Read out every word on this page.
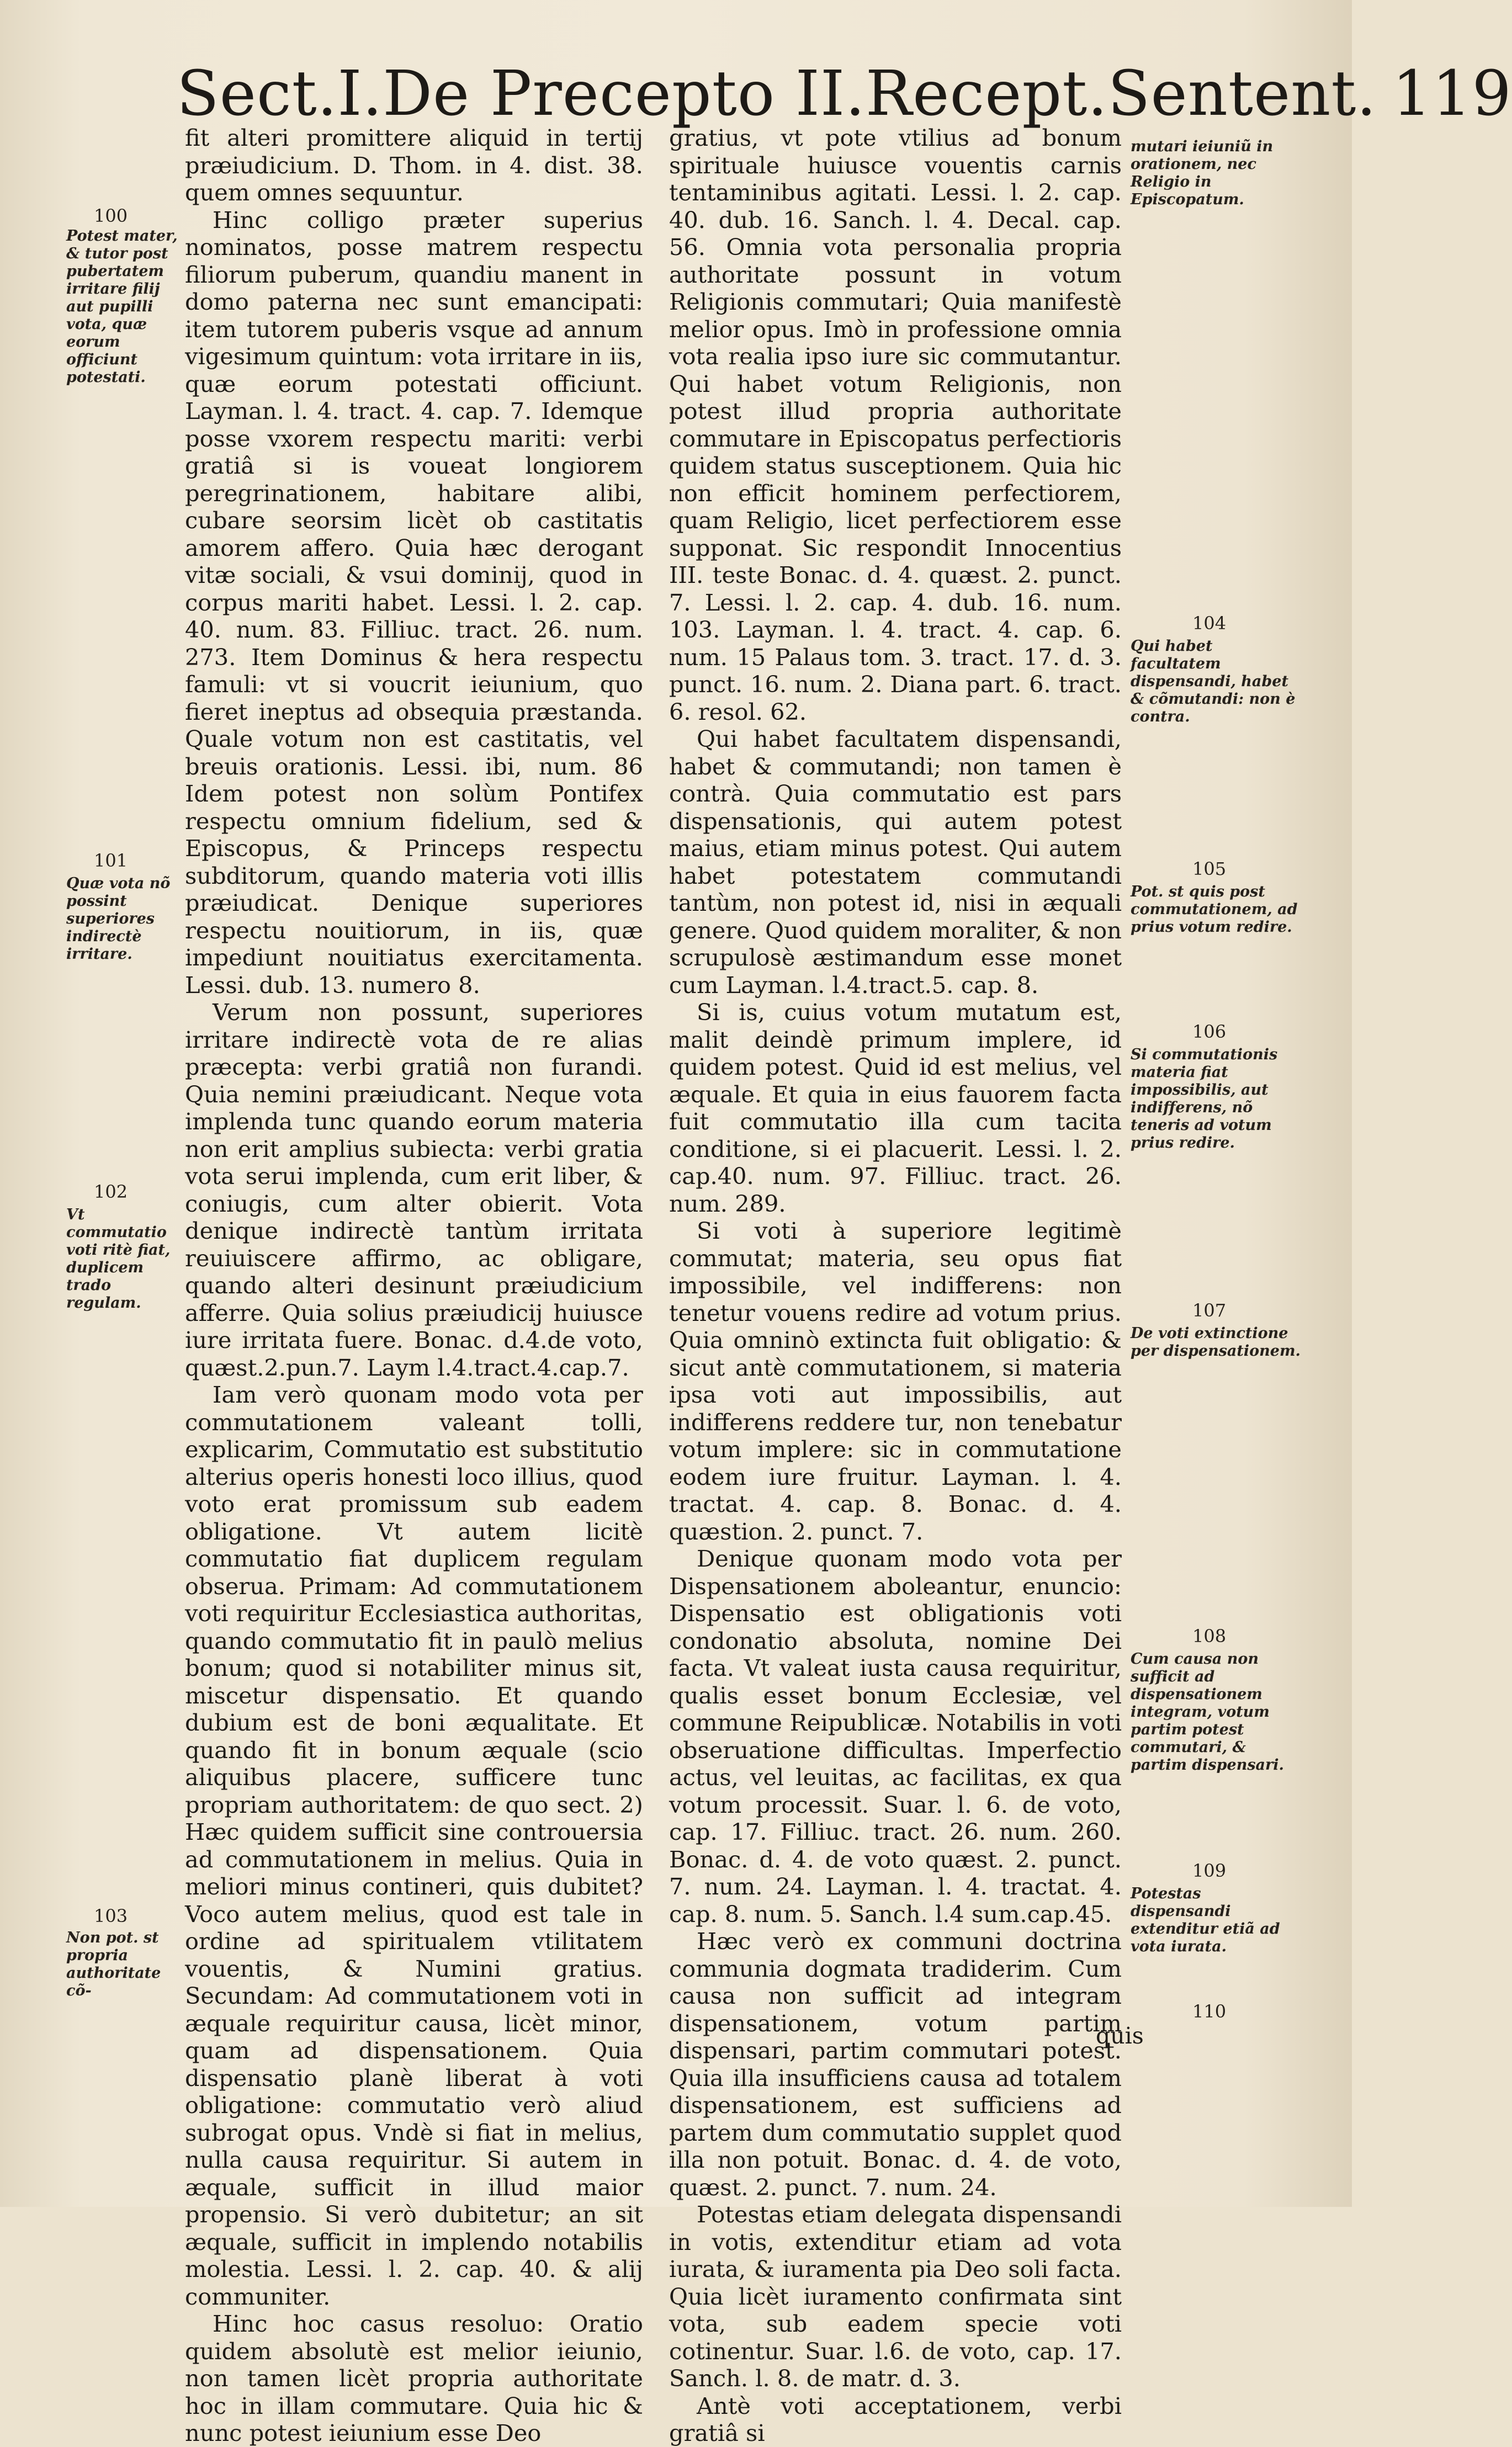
Sect.I.De Precepto II.Recept.Sentent. 119

fit alteri promittere aliquid in tertij præiudicium. D. Thom. in 4. dist. 38. quem omnes sequuntur.

Hinc colligo præter superius nominatos, posse matrem respectu filiorum puberum, quandiu manent in domo paterna nec sunt emancipati: item tutorem puberis vsque ad annum vigesimum quintum: vota irritare in iis, quæ eorum potestati officiunt. Layman. l. 4. tract. 4. cap. 7. Idemque posse vxorem respectu mariti: verbi gratiâ si is voueat longiorem peregrinationem, habitare alibi, cubare seorsim licèt ob castitatis amorem affero. Quia hæc derogant vitæ sociali, & vsui dominij, quod in corpus mariti habet. Lessi. l. 2. cap. 40. num. 83. Filliuc. tract. 26. num. 273. Item Dominus & hera respectu famuli: vt si voucrit ieiunium, quo fieret ineptus ad obsequia præstanda. Quale votum non est castitatis, vel breuis orationis. Lessi. ibi, num. 86 Idem potest non solùm Pontifex respectu omnium fidelium, sed & Episcopus, & Princeps respectu subditorum, quando materia voti illis præiudicat. Denique superiores respectu nouitiorum, in iis, quæ impediunt nouitiatus exercitamenta. Lessi. dub. 13. numero 8.

Verum non possunt, superiores irritare indirectè vota de re alias præcepta: verbi gratiâ non furandi. Quia nemini præiudicant. Neque vota implenda tunc quando eorum materia non erit amplius subiecta: verbi gratia vota serui implenda, cum erit liber, & coniugis, cum alter obierit. Vota denique indirectè tantùm irritata reuiuiscere affirmo, ac obligare, quando alteri desinunt præiudicium afferre. Quia solius præiudicij huiusce iure irritata fuere. Bonac. d.4.de voto, quæst.2.pun.7. Laym l.4.tract.4.cap.7.

Iam verò quonam modo vota per commutationem valeant tolli, explicarim, Commutatio est substitutio alterius operis honesti loco illius, quod voto erat promissum sub eadem obligatione. Vt autem licitè commutatio fiat duplicem regulam obserua. Primam: Ad commutationem voti requiritur Ecclesiastica authoritas, quando commutatio fit in paulò melius bonum; quod si notabiliter minus sit, miscetur dispensatio. Et quando dubium est de boni æqualitate. Et quando fit in bonum æquale (scio aliquibus placere, sufficere tunc propriam authoritatem: de quo sect. 2) Hæc quidem sufficit sine controuersia ad commutationem in melius. Quia in meliori minus contineri, quis dubitet? Voco autem melius, quod est tale in ordine ad spiritualem vtilitatem vouentis, & Numini gratius. Secundam: Ad commutationem voti in æquale requiritur causa, licèt minor, quam ad dispensationem. Quia dispensatio planè liberat à voti obligatione: commutatio verò aliud subrogat opus. Vndè si fiat in melius, nulla causa requiritur. Si autem in æquale, sufficit in illud maior propensio. Si verò dubitetur; an sit æquale, sufficit in implendo notabilis molestia. Lessi. l. 2. cap. 40. & alij communiter.

Hinc hoc casus resoluo: Oratio quidem absolutè est melior ieiunio, non tamen licèt propria authoritate hoc in illam commutare. Quia hic & nunc potest ieiunium esse Deo

gratius, vt pote vtilius ad bonum spirituale huiusce vouentis carnis tentaminibus agitati. Lessi. l. 2. cap. 40. dub. 16. Sanch. l. 4. Decal. cap. 56. Omnia vota personalia propria authoritate possunt in votum Religionis commutari; Quia manifestè melior opus. Imò in professione omnia vota realia ipso iure sic commutantur. Qui habet votum Religionis, non potest illud propria authoritate commutare in Episcopatus perfectioris quidem status susceptionem. Quia hic non efficit hominem perfectiorem, quam Religio, licet perfectiorem esse supponat. Sic respondit Innocentius III. teste Bonac. d. 4. quæst. 2. punct. 7. Lessi. l. 2. cap. 4. dub. 16. num. 103. Layman. l. 4. tract. 4. cap. 6. num. 15 Palaus tom. 3. tract. 17. d. 3. punct. 16. num. 2. Diana part. 6. tract. 6. resol. 62.

Qui habet facultatem dispensandi, habet & commutandi; non tamen è contrà. Quia commutatio est pars dispensationis, qui autem potest maius, etiam minus potest. Qui autem habet potestatem commutandi tantùm, non potest id, nisi in æquali genere. Quod quidem moraliter, & non scrupulosè æstimandum esse monet cum Layman. l.4.tract.5. cap. 8.

Si is, cuius votum mutatum est, malit deindè primum implere, id quidem potest. Quid id est melius, vel æquale. Et quia in eius fauorem facta fuit commutatio illa cum tacita conditione, si ei placuerit. Lessi. l. 2. cap.40. num. 97. Filliuc. tract. 26. num. 289.

Si voti à superiore legitimè commutat; materia, seu opus fiat impossibile, vel indifferens: non tenetur vouens redire ad votum prius. Quia omninò extincta fuit obligatio: & sicut antè commutationem, si materia ipsa voti aut impossibilis, aut indifferens reddere tur, non tenebatur votum implere: sic in commutatione eodem iure fruitur. Layman. l. 4. tractat. 4. cap. 8. Bonac. d. 4. quæstion. 2. punct. 7.

Denique quonam modo vota per Dispensationem aboleantur, enuncio: Dispensatio est obligationis voti condonatio absoluta, nomine Dei facta. Vt valeat iusta causa requiritur, qualis esset bonum Ecclesiæ, vel commune Reipublicæ. Notabilis in voti obseruatione difficultas. Imperfectio actus, vel leuitas, ac facilitas, ex qua votum processit. Suar. l. 6. de voto, cap. 17. Filliuc. tract. 26. num. 260. Bonac. d. 4. de voto quæst. 2. punct. 7. num. 24. Layman. l. 4. tractat. 4. cap. 8. num. 5. Sanch. l.4 sum.cap.45.

Hæc verò ex communi doctrina communia dogmata tradiderim. Cum causa non sufficit ad integram dispensationem, votum partim dispensari, partim commutari potest. Quia illa insufficiens causa ad totalem dispensationem, est sufficiens ad partem dum commutatio supplet quod illa non potuit. Bonac. d. 4. de voto, quæst. 2. punct. 7. num. 24.

Potestas etiam delegata dispensandi in votis, extenditur etiam ad vota iurata, & iuramenta pia Deo soli facta. Quia licèt iuramento confirmata sint vota, sub eadem specie voti cotinentur. Suar. l.6. de voto, cap. 17. Sanch. l. 8. de matr. d. 3.

Antè voti acceptationem, verbi gratiâ si

quis
100
Potest mater, & tutor post pubertatem irritare filij aut pupilli vota, quæ eorum officiunt potestati.
101
Quæ vota nõ possint superiores indirectè irritare.
102
Vt commutatio voti ritè fiat, duplicem trado regulam.
103
Non pot. st propria authoritate cõ-
mutari ieiuniũ in orationem, nec Religio in Episcopatum.
104
Qui habet facultatem dispensandi, habet & cõmutandi: non è contra.
105
Pot. st quis post commutationem, ad prius votum redire.
106
Si commutationis materia fiat impossibilis, aut indifferens, nõ teneris ad votum prius redire.
107
De voti extinctione per dispensationem.
108
Cum causa non sufficit ad dispensationem integram, votum partim potest commutari, & partim dispensari.
109
Potestas dispensandi extenditur etiã ad vota iurata.
110
